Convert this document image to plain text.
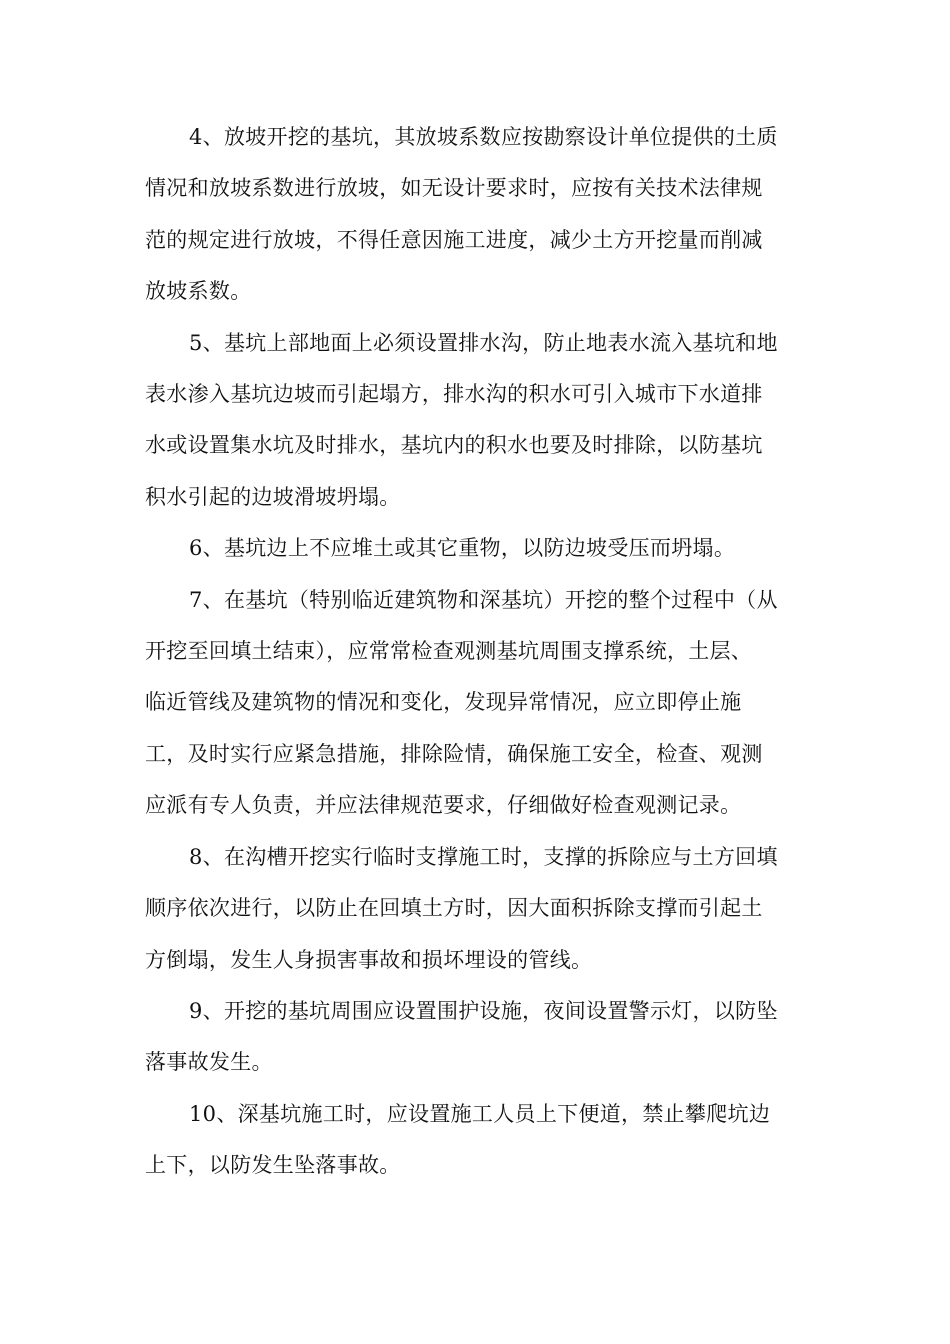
4、放坡开挖的基坑，其放坡系数应按勘察设计单位提供的土质
情况和放坡系数进行放坡，如无设计要求时，应按有关技术法律规
范的规定进行放坡，不得任意因施工进度，减少土方开挖量而削减
放坡系数。
5、基坑上部地面上必须设置排水沟，防止地表水流入基坑和地
表水渗入基坑边坡而引起塌方，排水沟的积水可引入城市下水道排
水或设置集水坑及时排水，基坑内的积水也要及时排除，以防基坑
积水引起的边坡滑坡坍塌。
6、基坑边上不应堆土或其它重物，以防边坡受压而坍塌。
7、在基坑（特别临近建筑物和深基坑）开挖的整个过程中（从
开挖至回填土结束），应常常检查观测基坑周围支撑系统，土层、
临近管线及建筑物的情况和变化，发现异常情况，应立即停止施
工，及时实行应紧急措施，排除险情，确保施工安全，检查、观测
应派有专人负责，并应法律规范要求，仔细做好检查观测记录。
8、在沟槽开挖实行临时支撑施工时，支撑的拆除应与土方回填
顺序依次进行，以防止在回填土方时，因大面积拆除支撑而引起土
方倒塌，发生人身损害事故和损坏埋设的管线。
9、开挖的基坑周围应设置围护设施，夜间设置警示灯，以防坠
落事故发生。
10、深基坑施工时，应设置施工人员上下便道，禁止攀爬坑边
上下，以防发生坠落事故。
